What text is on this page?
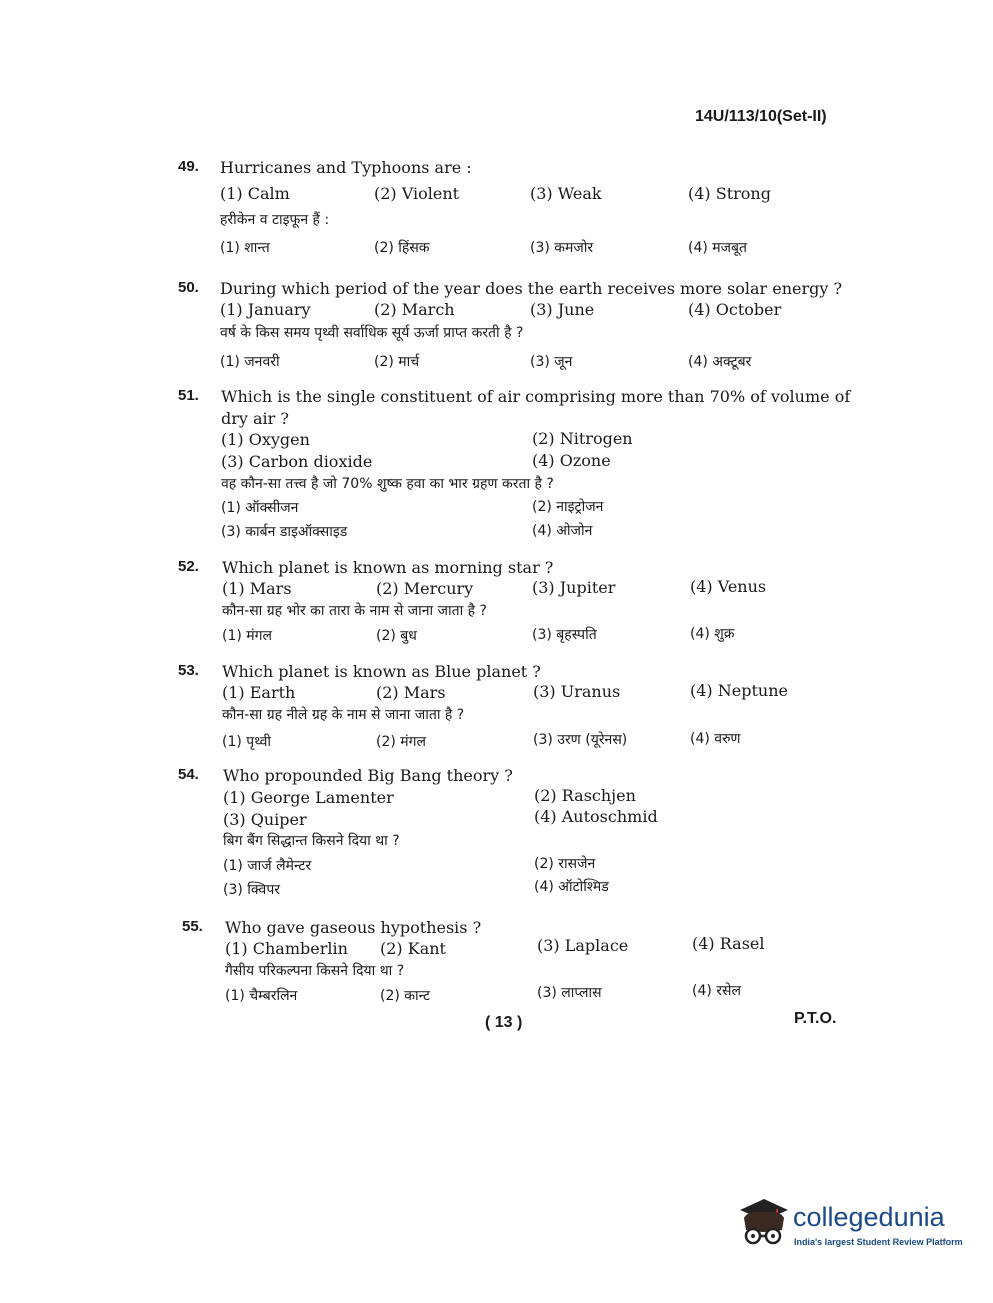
14U/113/10(Set-II)
49. Hurricanes and Typhoons are :
(1) Calm	(2) Violent	(3) Weak	(4) Strong
हरीकेन व टाइफून हैं :
(1) शान्त	(2) हिंसक	(3) कमजोर	(4) मजबूत
50. During which period of the year does the earth receives more solar energy ?
(1) January	(2) March	(3) June	(4) October
वर्ष के किस समय पृथ्वी सर्वाधिक सूर्य ऊर्जा प्राप्त करती है ?
(1) जनवरी	(2) मार्च	(3) जून	(4) अक्टूबर
51. Which is the single constituent of air comprising more than 70% of volume of
dry air ?
(1) Oxygen	(2) Nitrogen
(3) Carbon dioxide	(4) Ozone
वह कौन-सा तत्त्व है जो 70% शुष्क हवा का भार ग्रहण करता है ?
(1) ऑक्सीजन	(2) नाइट्रोजन
(3) कार्बन डाइऑक्साइड	(4) ओजोन
52. Which planet is known as morning star ?
(1) Mars	(2) Mercury	(3) Jupiter	(4) Venus
कौन-सा ग्रह भोर का तारा के नाम से जाना जाता है ?
(1) मंगल	(2) बुध	(3) बृहस्पति	(4) शुक्र
53. Which planet is known as Blue planet ?
(1) Earth	(2) Mars	(3) Uranus	(4) Neptune
कौन-सा ग्रह नीले ग्रह के नाम से जाना जाता है ?
(1) पृथ्वी	(2) मंगल	(3) उरण (यूरेनस)	(4) वरुण
54. Who propounded Big Bang theory ?
(1) George Lamenter	(2) Raschjen
(3) Quiper	(4) Autoschmid
बिग बैंग सिद्धान्त किसने दिया था ?
(1) जार्ज लैमेन्टर	(2) रासजेन
(3) क्विपर	(4) ऑटोश्मिड
55. Who gave gaseous hypothesis ?
(1) Chamberlin (2) Kant	(3) Laplace	(4) Rasel
गैसीय परिकल्पना किसने दिया था ?
(1) चैम्बरलिन	(2) कान्ट	(3) लाप्लास	(4) रसेल
( 13 )	P.T.O.
collegedunia
India's largest Student Review Platform
